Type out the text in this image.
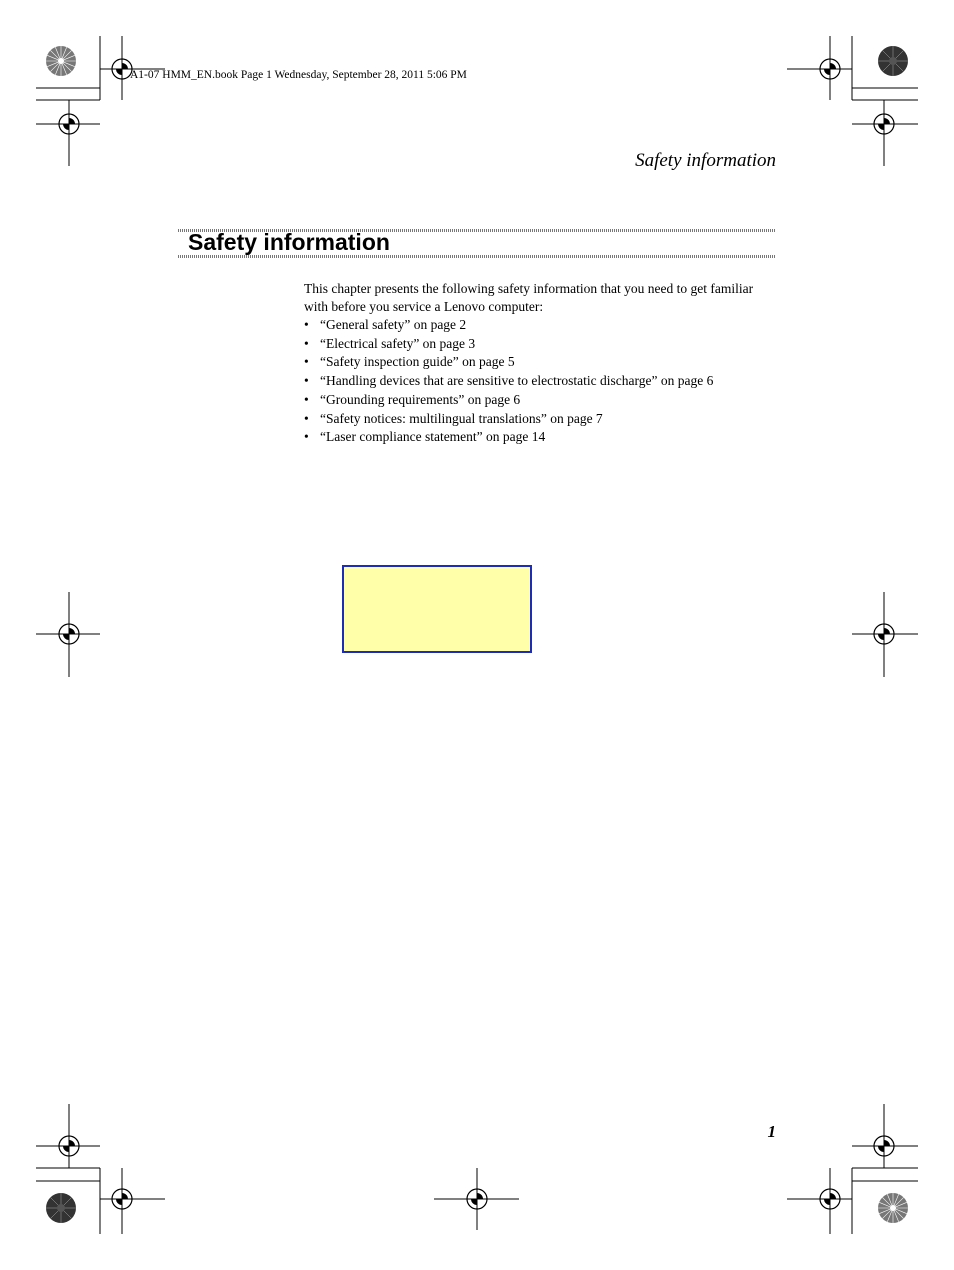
A1-07 HMM_EN.book Page 1 Wednesday, September 28, 2011 5:06 PM
Safety information
Safety information

This chapter presents the following safety information that you need to get familiar with before you service a Lenovo computer:

• “General safety” on page 2
• “Electrical safety” on page 3
• “Safety inspection guide” on page 5
• “Handling devices that are sensitive to electrostatic discharge” on page 6
• “Grounding requirements” on page 6
• “Safety notices: multilingual translations” on page 7
• “Laser compliance statement” on page 14
1
